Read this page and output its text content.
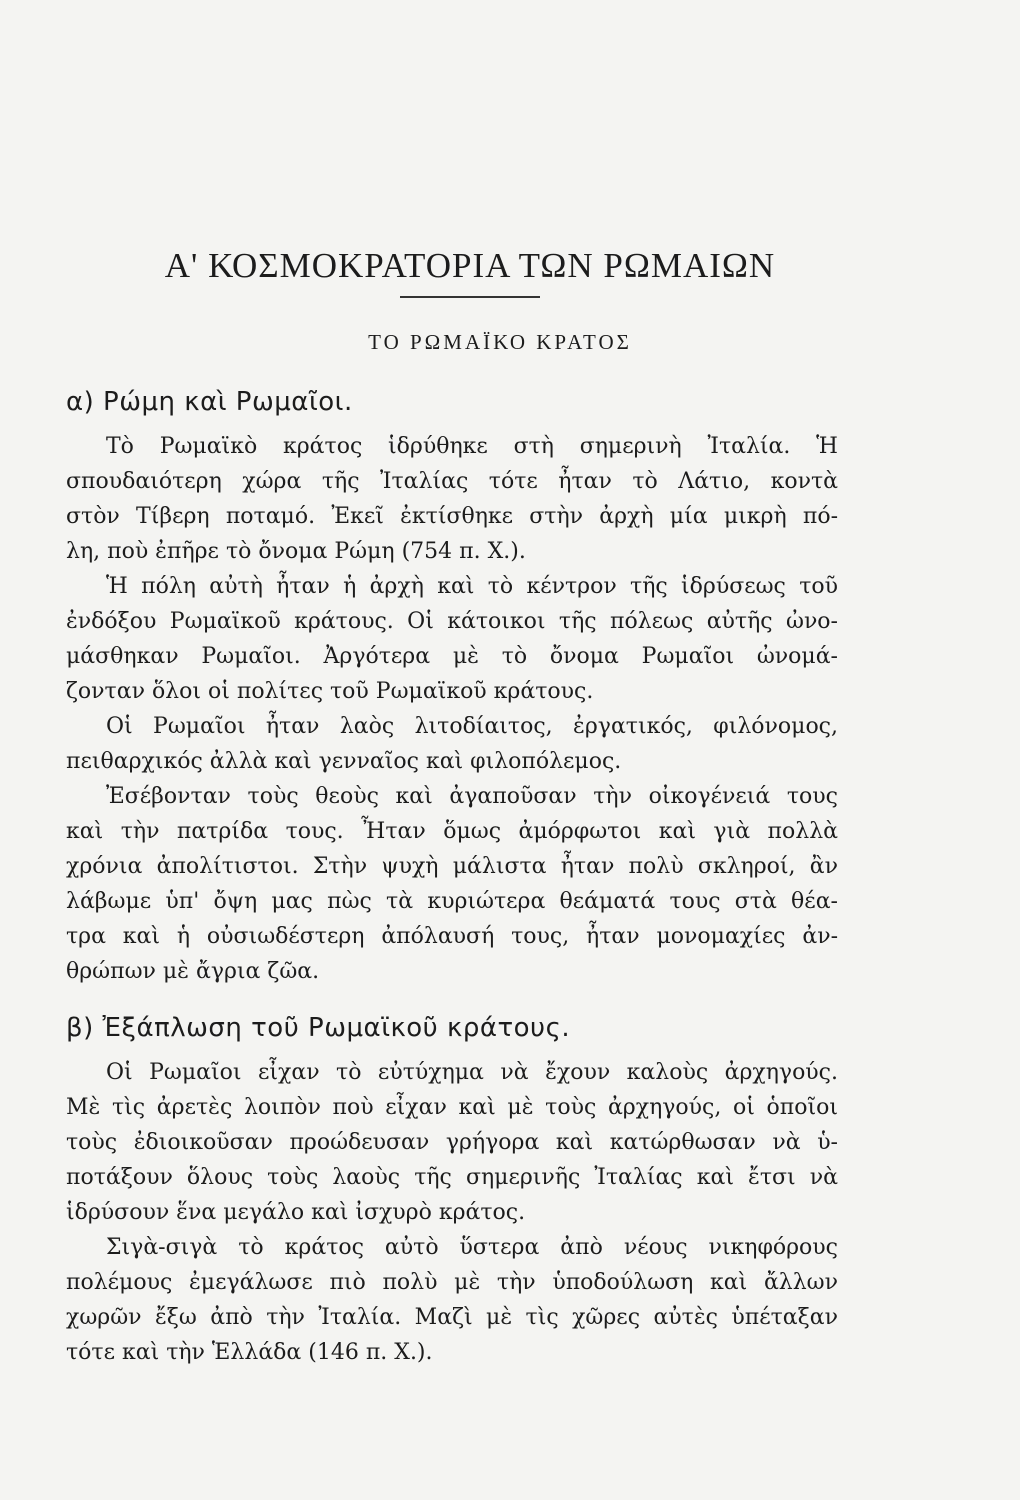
Α' ΚΟΣΜΟΚΡΑΤΟΡΙΑ ΤΩΝ ΡΩΜΑΙΩΝ
ΤΟ ΡΩΜΑΪΚΟ ΚΡΑΤΟΣ
α) Ρώμη καὶ Ρωμαῖοι.
Τὸ Ρωμαϊκὸ κράτος ἱδρύθηκε στὴ σημερινὴ Ἰταλία. Ἡ
σπουδαιότερη χώρα τῆς Ἰταλίας τότε ἦταν τὸ Λάτιο, κοντὰ
στὸν Τίβερη ποταμό. Ἐκεῖ ἐκτίσθηκε στὴν ἀρχὴ μία μικρὴ πό-
λη, ποὺ ἐπῆρε τὸ ὄνομα Ρώμη (754 π. Χ.).
Ἡ πόλη αὐτὴ ἦταν ἡ ἀρχὴ καὶ τὸ κέντρον τῆς ἱδρύσεως τοῦ
ἐνδόξου Ρωμαϊκοῦ κράτους. Οἱ κάτοικοι τῆς πόλεως αὐτῆς ὠνο-
μάσθηκαν Ρωμαῖοι. Ἀργότερα μὲ τὸ ὄνομα Ρωμαῖοι ὠνομά-
ζονταν ὅλοι οἱ πολίτες τοῦ Ρωμαϊκοῦ κράτους.
Οἱ Ρωμαῖοι ἦταν λαὸς λιτοδίαιτος, ἐργατικός, φιλόνομος,
πειθαρχικός ἀλλὰ καὶ γενναῖος καὶ φιλοπόλεμος.
Ἐσέβονταν τοὺς θεοὺς καὶ ἀγαποῦσαν τὴν οἰκογένειά τους
καὶ τὴν πατρίδα τους. Ἦταν ὅμως ἀμόρφωτοι καὶ γιὰ πολλὰ
χρόνια ἀπολίτιστοι. Στὴν ψυχὴ μάλιστα ἦταν πολὺ σκληροί, ἂν
λάβωμε ὑπ' ὄψη μας πὼς τὰ κυριώτερα θεάματά τους στὰ θέα-
τρα καὶ ἡ οὐσιωδέστερη ἀπόλαυσή τους, ἦταν μονομαχίες ἀν-
θρώπων μὲ ἄγρια ζῶα.
β) Ἐξάπλωση τοῦ Ρωμαϊκοῦ κράτους.
Οἱ Ρωμαῖοι εἶχαν τὸ εὐτύχημα νὰ ἔχουν καλοὺς ἀρχηγούς.
Μὲ τὶς ἀρετὲς λοιπὸν ποὺ εἶχαν καὶ μὲ τοὺς ἀρχηγούς, οἱ ὁποῖοι
τοὺς ἐδιοικοῦσαν προώδευσαν γρήγορα καὶ κατώρθωσαν νὰ ὑ-
ποτάξουν ὅλους τοὺς λαοὺς τῆς σημερινῆς Ἰταλίας καὶ ἔτσι νὰ
ἱδρύσουν ἕνα μεγάλο καὶ ἰσχυρὸ κράτος.
Σιγὰ-σιγὰ τὸ κράτος αὐτὸ ὕστερα ἀπὸ νέους νικηφόρους
πολέμους ἐμεγάλωσε πιὸ πολὺ μὲ τὴν ὑποδούλωση καὶ ἄλλων
χωρῶν ἔξω ἀπὸ τὴν Ἰταλία. Μαζὶ μὲ τὶς χῶρες αὐτὲς ὑπέταξαν
τότε καὶ τὴν Ἑλλάδα (146 π. Χ.).
